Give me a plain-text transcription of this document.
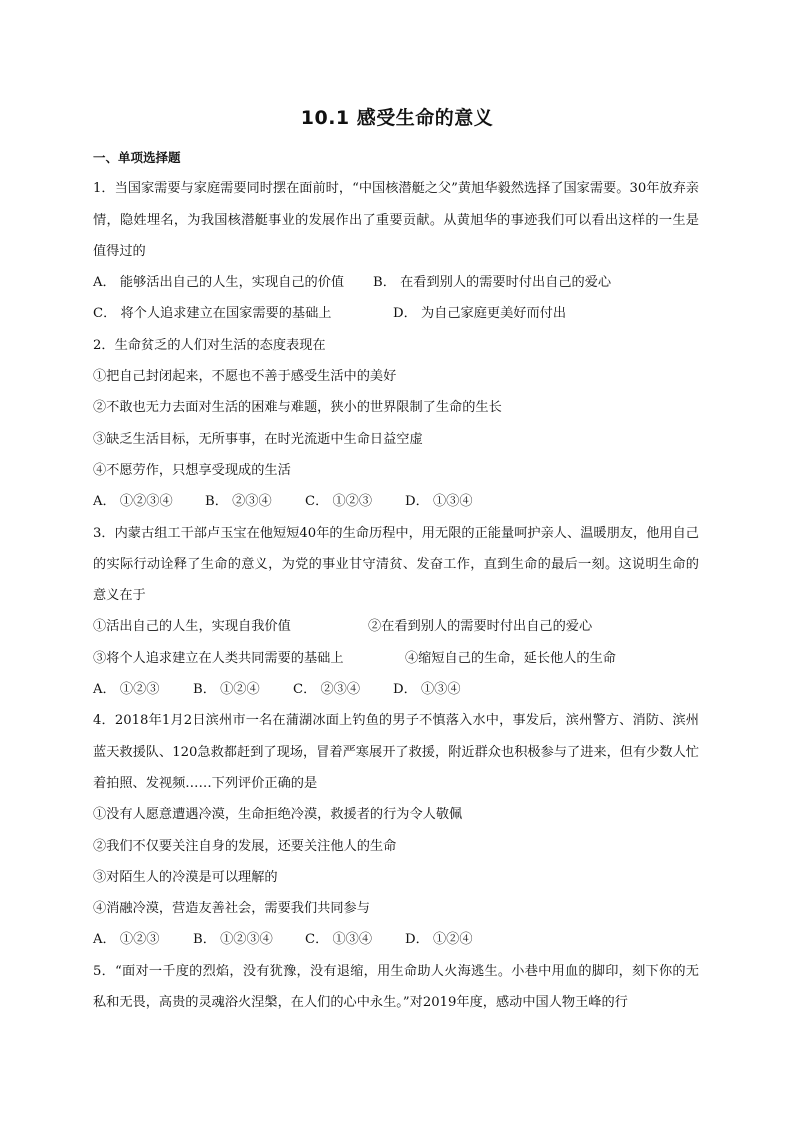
10.1 感受生命的意义
一、单项选择题
1．当国家需要与家庭需要同时摆在面前时，“中国核潜艇之父”黄旭华毅然选择了国家需要。30年放弃亲情，隐姓埋名，为我国核潜艇事业的发展作出了重要贡献。从黄旭华的事迹我们可以看出这样的一生是值得过的
A． 能够活出自己的人生，实现自己的价值	B． 在看到别人的需要时付出自己的爱心
C． 将个人追求建立在国家需要的基础上	D． 为自己家庭更美好而付出
2．生命贫乏的人们对生活的态度表现在
①把自己封闭起来，不愿也不善于感受生活中的美好
②不敢也无力去面对生活的困难与难题，狭小的世界限制了生命的生长
③缺乏生活目标，无所事事，在时光流逝中生命日益空虚
④不愿劳作，只想享受现成的生活
A． ①②③④	B． ②③④	C． ①②③	D． ①③④
3．内蒙古组工干部卢玉宝在他短短40年的生命历程中，用无限的正能量呵护亲人、温暖朋友，他用自己的实际行动诠释了生命的意义，为党的事业甘守清贫、发奋工作，直到生命的最后一刻。这说明生命的意义在于
①活出自己的人生，实现自我价值	②在看到别人的需要时付出自己的爱心
③将个人追求建立在人类共同需要的基础上	④缩短自己的生命，延长他人的生命
A． ①②③	B． ①②④	C． ②③④	D． ①③④
4．2018年1月2日滨州市一名在蒲湖冰面上钓鱼的男子不慎落入水中，事发后，滨州警方、消防、滨州蓝天救援队、120急救都赶到了现场，冒着严寒展开了救援，附近群众也积极参与了进来，但有少数人忙着拍照、发视频……下列评价正确的是
①没有人愿意遭遇冷漠，生命拒绝冷漠，救援者的行为令人敬佩
②我们不仅要关注自身的发展，还要关注他人的生命
③对陌生人的冷漠是可以理解的
④消融冷漠，营造友善社会，需要我们共同参与
A． ①②③	B． ①②③④	C． ①③④	D． ①②④
5．“面对一千度的烈焰，没有犹豫，没有退缩，用生命助人火海逃生。小巷中用血的脚印，刻下你的无私和无畏，高贵的灵魂浴火涅槃，在人们的心中永生。”对2019年度，感动中国人物王峰的行
